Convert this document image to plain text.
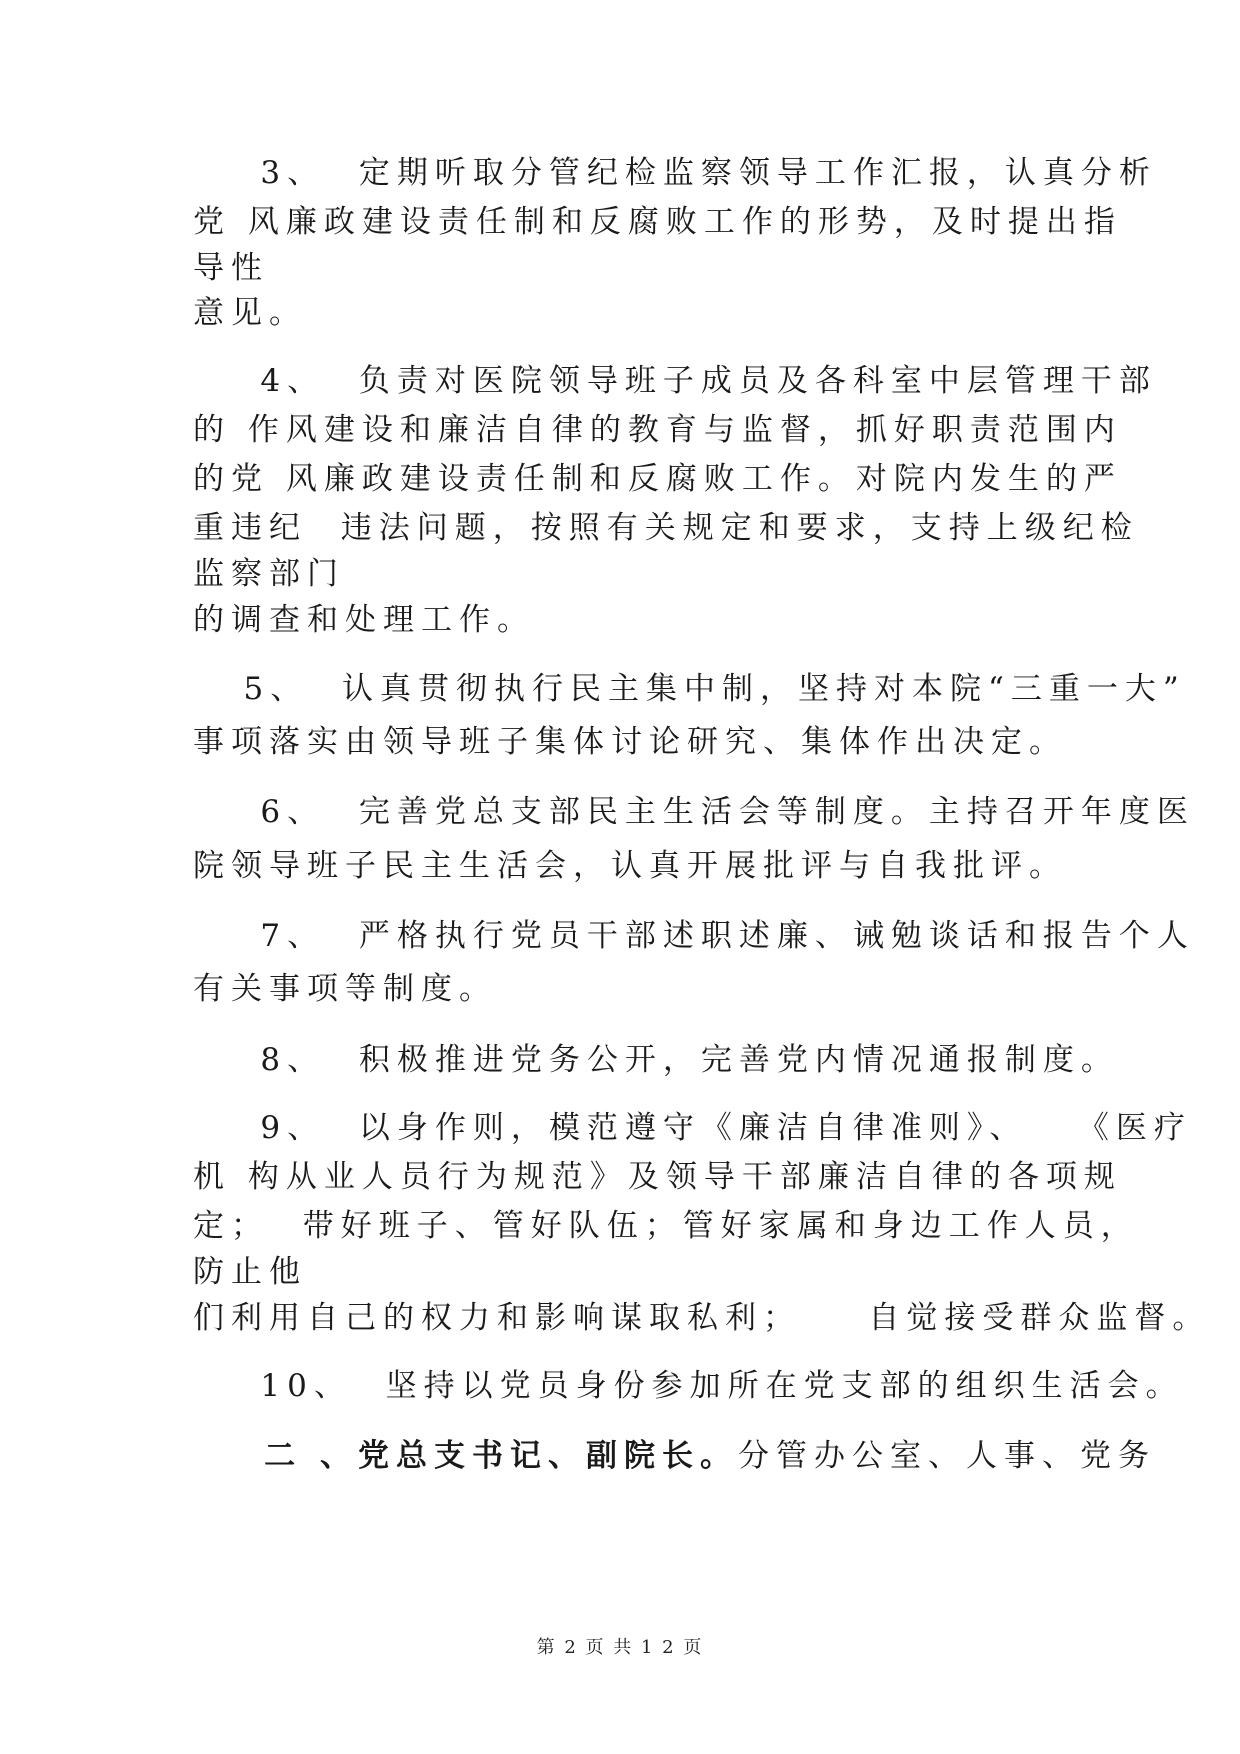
3、  定期听取分管纪检监察领导工作汇报，认真分析
党 风廉政建设责任制和反腐败工作的形势，及时提出指
导性
意见。
4、  负责对医院领导班子成员及各科室中层管理干部
的 作风建设和廉洁自律的教育与监督，抓好职责范围内
的党 风廉政建设责任制和反腐败工作。对院内发生的严
重违纪  违法问题，按照有关规定和要求，支持上级纪检
监察部门
的调查和处理工作。
5、  认真贯彻执行民主集中制，坚持对本院“三重一大”
事项落实由领导班子集体讨论研究、集体作出决定。
6、  完善党总支部民主生活会等制度。主持召开年度医
院领导班子民主生活会，认真开展批评与自我批评。
7、  严格执行党员干部述职述廉、诫勉谈话和报告个人
有关事项等制度。
8、  积极推进党务公开，完善党内情况通报制度。
9、  以身作则，模范遵守《廉洁自律准则》、   《医疗
机 构从业人员行为规范》及领导干部廉洁自律的各项规
定；  带好班子、管好队伍；管好家属和身边工作人员，
防止他
们利用自己的权力和影响谋取私利；    自觉接受群众监督。
10、  坚持以党员身份参加所在党支部的组织生活会。
二 、党总支书记、副院长。分管办公室、人事、党务
第 2 页 共 1 2 页
